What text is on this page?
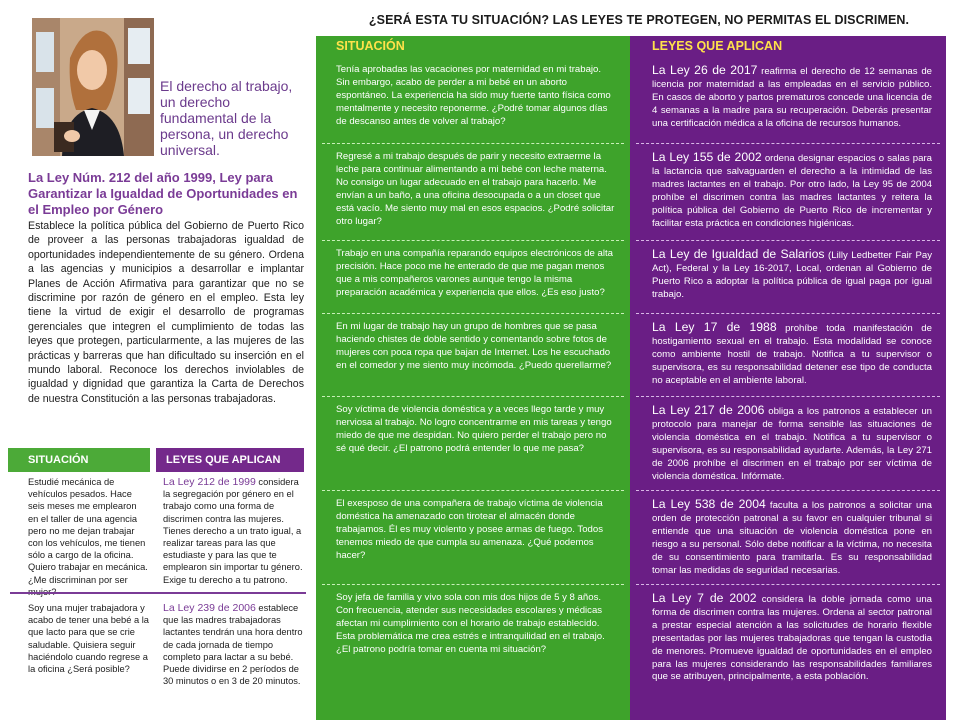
El derecho al trabajo, un derecho fundamental de la persona, un derecho universal.
La Ley Núm. 212 del año 1999, Ley para Garantizar la Igualdad de Oportunidades en el Empleo por Género
Establece la política pública del Gobierno de Puerto Rico de proveer a las personas trabajadoras igualdad de oportunidades independientemente de su género. Ordena a las agencias y municipios a desarrollar e implantar Planes de Acción Afirmativa para garantizar que no se discrimine por razón de género en el empleo. Esta ley tiene la virtud de exigir el desarrollo de programas gerenciales que integren el cumplimiento de todas las leyes que protegen, particularmente, a las mujeres de las prácticas y barreras que han dificultado su inserción en el mundo laboral. Reconoce los derechos inviolables de igualdad y dignidad que garantiza la Carta de Derechos de nuestra Constitución a las personas trabajadoras.
SITUACIÓN	LEYES QUE APLICAN
Estudié mecánica de vehículos pesados. Hace seis meses me emplearon en el taller de una agencia pero no me dejan trabajar con los vehículos, me tienen sólo a cargo de la oficina. Quiero trabajar en mecánica. ¿Me discriminan por ser
La Ley 212 de 1999 considera la segregación por género en el trabajo como una forma de discrimen contra las mujeres. Tienes derecho a un trato igual, a realizar tareas para las que estudiaste y para las que te emplearon sin importar tu género. Exige tu derecho a tu patrono.
Soy una mujer trabajadora y acabo de tener una bebé a la que lacto para que se crie saludable. Quisiera seguir haciéndolo cuando regrese a la oficina ¿Será posible?
La Ley 239 de 2006 establece que las madres trabajadoras lactantes tendrán una hora dentro de cada jornada de tiempo completo para lactar a su bebé. Puede dividirse en 2 períodos de 30 minutos o en 3 de 20 minutos.
¿SERÁ ESTA TU SITUACIÓN? LAS LEYES TE PROTEGEN, NO PERMITAS EL DISCRIMEN.
SITUACIÓN	LEYES QUE APLICAN
Tenía aprobadas las vacaciones por maternidad en mi trabajo. Sin embargo, acabo de perder a mi bebé en un aborto espontáneo. La experiencia ha sido muy fuerte tanto física como mentalmente y necesito reponerme. ¿Podré tomar algunos días de descanso antes de volver al trabajo?
La Ley 26 de 2017 reafirma el derecho de 12 semanas de licencia por maternidad a las empleadas en el servicio público. En casos de aborto y partos prematuros concede una licencia de 4 semanas a la madre para su recuperación. Deberás presentar una certificación médica a la oficina de recursos humanos.
Regresé a mi trabajo después de parir y necesito extraerme la leche para continuar alimentando a mi bebé con leche materna. No consigo un lugar adecuado en el trabajo para hacerlo. Me envían a un baño, a una oficina desocupada o a un closet que está vacío. Me siento muy mal en esos espacios. ¿Podré solicitar otro lugar?
La Ley 155 de 2002 ordena designar espacios o salas para la lactancia que salvaguarden el derecho a la intimidad de las madres lactantes en el trabajo. Por otro lado, la Ley 95 de 2004 prohíbe el discrimen contra las madres lactantes y reitera la política pública del Gobierno de Puerto Rico de incrementar y facilitar esta práctica en condiciones higiénicas.
Trabajo en una compañía reparando equipos electrónicos de alta precisión. Hace poco me he enterado de que me pagan menos que a mis compañeros varones aunque tengo la misma preparación académica y experiencia que ellos. ¿Es eso justo?
La Ley de Igualdad de Salarios (Lilly Ledbetter Fair Pay Act), Federal y la Ley 16-2017, Local, ordenan al Gobierno de Puerto Rico a adoptar la política pública de igual paga por igual trabajo.
En mi lugar de trabajo hay un grupo de hombres que se pasa haciendo chistes de doble sentido y comentando sobre fotos de mujeres con poca ropa que bajan de Internet. Los he escuchado en el comedor y me siento muy incómoda. ¿Puedo querellarme?
La Ley 17 de 1988 prohíbe toda manifestación de hostigamiento sexual en el trabajo. Esta modalidad se conoce como ambiente hostil de trabajo. Notifica a tu supervisor o supervisora, es su responsabilidad detener ese tipo de conducta no aceptable en el ambiente laboral.
Soy víctima de violencia doméstica y a veces llego tarde y muy nerviosa al trabajo. No logro concentrarme en mis tareas y tengo miedo de que me despidan. No quiero perder el trabajo pero no sé qué decir. ¿El patrono podrá entender lo que me pasa?
La Ley 217 de 2006 obliga a los patronos a establecer un protocolo para manejar de forma sensible las situaciones de violencia doméstica en el trabajo. Notifica a tu supervisor o supervisora, es su responsabilidad ayudarte. Además, la Ley 271 de 2006 prohíbe el discrimen en el trabajo por ser víctima de violencia doméstica. Infórmate.
El exesposo de una compañera de trabajo víctima de violencia doméstica ha amenazado con tirotear el almacén donde trabajamos. Él es muy violento y posee armas de fuego. Todos tenemos miedo de que cumpla su amenaza. ¿Qué podemos hacer?
La Ley 538 de 2004 faculta a los patronos a solicitar una orden de protección patronal a su favor en cualquier tribunal si entiende que una situación de violencia doméstica pone en riesgo a su personal. Sólo debe notificar a la víctima, no necesita de su consentimiento para tramitarla. Es su responsabilidad tomar las medidas de seguridad necesarias.
Soy jefa de familia y vivo sola con mis dos hijos de 5 y 8 años. Con frecuencia, atender sus necesidades escolares y médicas afectan mi cumplimiento con el horario de trabajo establecido. Esta problemática me crea estrés e intranquilidad en el trabajo. ¿El patrono podría tomar en cuenta mi situación?
La Ley 7 de 2002 considera la doble jornada como una forma de discrimen contra las mujeres. Ordena al sector patronal a prestar especial atención a las solicitudes de horario flexible presentadas por las mujeres trabajadoras que tengan la custodia de menores. Promueve igualdad de oportunidades en el empleo para las mujeres considerando las responsabilidades familiares que se atribuyen, principalmente, a esta población.
